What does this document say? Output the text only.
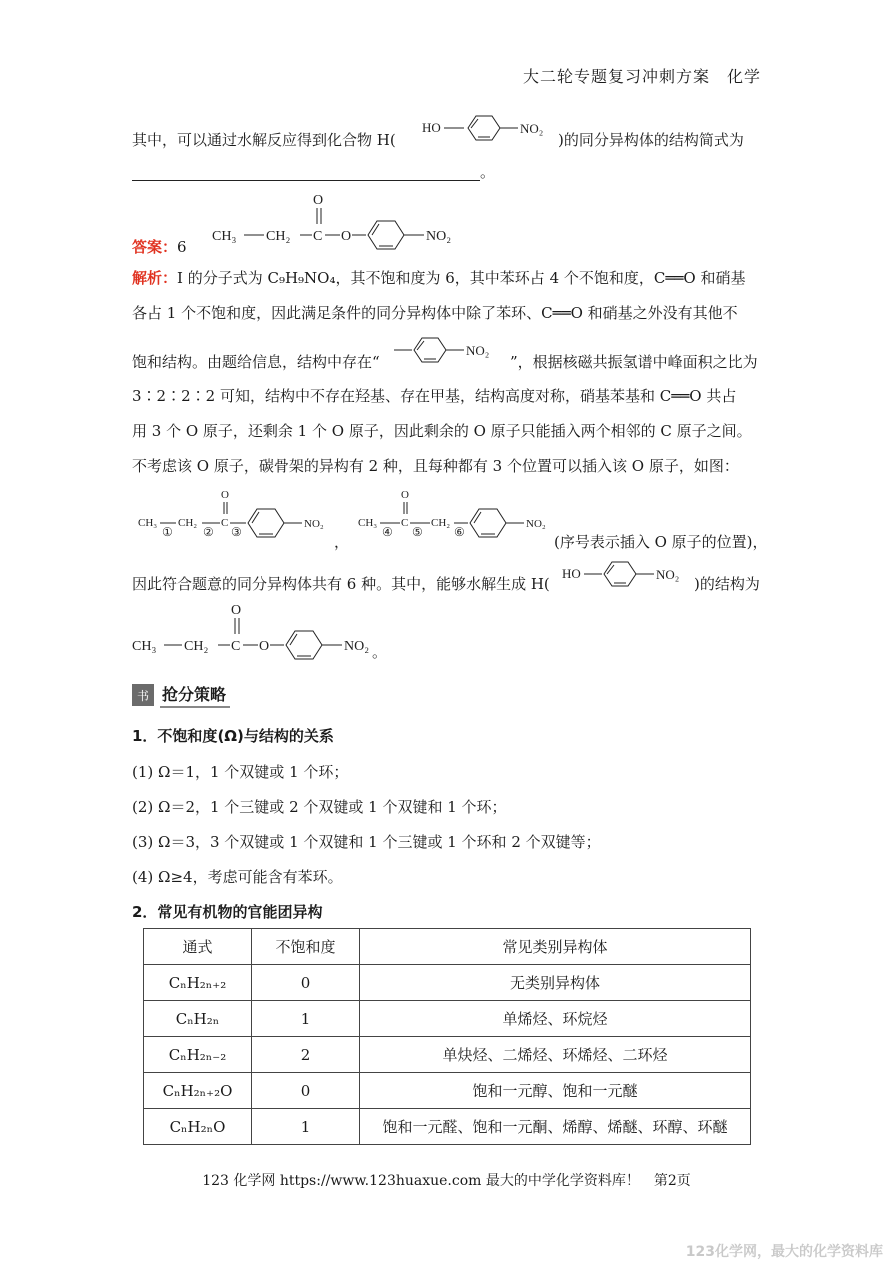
大二轮专题复习冲刺方案　化学
其中，可以通过水解反应得到化合物 H(
HO	NO₂
)的同分异构体的结构简式为
。
答案：6
CH₃ CH₂ C
O
O	NO₂
解析：I 的分子式为 C₉H₉NO₄，其不饱和度为 6，其中苯环占 4 个不饱和度，C══O 和硝基
各占 1 个不饱和度，因此满足条件的同分异构体中除了苯环、C══O 和硝基之外没有其他不
饱和结构。由题给信息，结构中存在“
NO₂
”，根据核磁共振氢谱中峰面积之比为
3∶2∶2∶2 可知，结构中不存在羟基、存在甲基，结构高度对称，硝基苯基和 C══O 共占
用 3 个 O 原子，还剩余 1 个 O 原子，因此剩余的 O 原子只能插入两个相邻的 C 原子之间。
不考虑该 O 原子，碳骨架的异构有 2 种，且每种都有 3 个位置可以插入该 O 原子，如图：
CH₃
①
CH₂
②
C
O
③
NO₂
，
CH₃
④
C
O
⑤
CH₂
⑥
NO₂
(序号表示插入 O 原子的位置)，
因此符合题意的同分异构体共有 6 种。其中，能够水解生成 H(
HO	NO₂
)的结构为
CH₃ CH₂ C
O
O	NO₂ 。
书 抢分策略
1．不饱和度(Ω)与结构的关系
(1) Ω＝1，1 个双键或 1 个环；
(2) Ω＝2，1 个三键或 2 个双键或 1 个双键和 1 个环；
(3) Ω＝3，3 个双键或 1 个双键和 1 个三键或 1 个环和 2 个双键等；
(4) Ω≥4，考虑可能含有苯环。
2．常见有机物的官能团异构
通式	不饱和度	常见类别异构体
CₙH₂ₙ₊₂	0	无类别异构体
CₙH₂ₙ	1	单烯烃、环烷烃
CₙH₂ₙ₋₂	2	单炔烃、二烯烃、环烯烃、二环烃
CₙH₂ₙ₊₂O	0	饱和一元醇、饱和一元醚
CₙH₂ₙO	1	饱和一元醛、饱和一元酮、烯醇、烯醚、环醇、环醚
123 化学网 https://www.123huaxue.com 最大的中学化学资料库！　第2页
123化学网，最大的化学资料库
